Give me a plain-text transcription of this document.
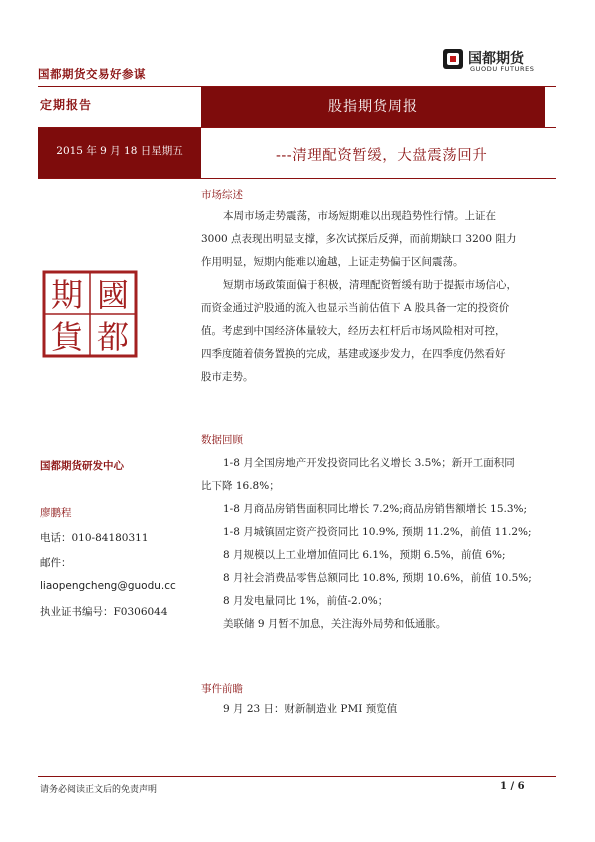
国都期货交易好参谋
国都期货
GUODU FUTURES
定期报告	股指期货周报
2015 年 9 月 18 日星期五	---清理配资暂缓，大盘震荡回升
市场综述
本周市场走势震荡，市场短期难以出现趋势性行情。上证在
3000 点表现出明显支撑，多次试探后反弹，而前期缺口 3200 阻力
作用明显，短期内能难以逾越，上证走势偏于区间震荡。
短期市场政策面偏于积极，清理配资暂缓有助于提振市场信心，
而资金通过沪股通的流入也显示当前估值下 A 股具备一定的投资价
值。考虑到中国经济体量较大，经历去杠杆后市场风险相对可控，
四季度随着债务置换的完成，基建或逐步发力，在四季度仍然看好
股市走势。
國
都
期
貨
数据回顾
1-8 月全国房地产开发投资同比名义增长 3.5%；新开工面积同
比下降 16.8%；
1-8 月商品房销售面积同比增长 7.2%;商品房销售额增长 15.3%;
1-8 月城镇固定资产投资同比 10.9%, 预期 11.2%，前值 11.2%;
8 月规模以上工业增加值同比 6.1%，预期 6.5%，前值 6%;
8 月社会消费品零售总额同比 10.8%, 预期 10.6%，前值 10.5%;
8 月发电量同比 1%，前值-2.0%；
美联储 9 月暂不加息，关注海外局势和低通胀。
国都期货研发中心
廖鹏程
电话：010-84180311
邮件：
liaopengcheng@guodu.cc
执业证书编号：F0306044
事件前瞻
9 月 23 日：财新制造业 PMI 预览值
请务必阅读正文后的免责声明	1 / 6
